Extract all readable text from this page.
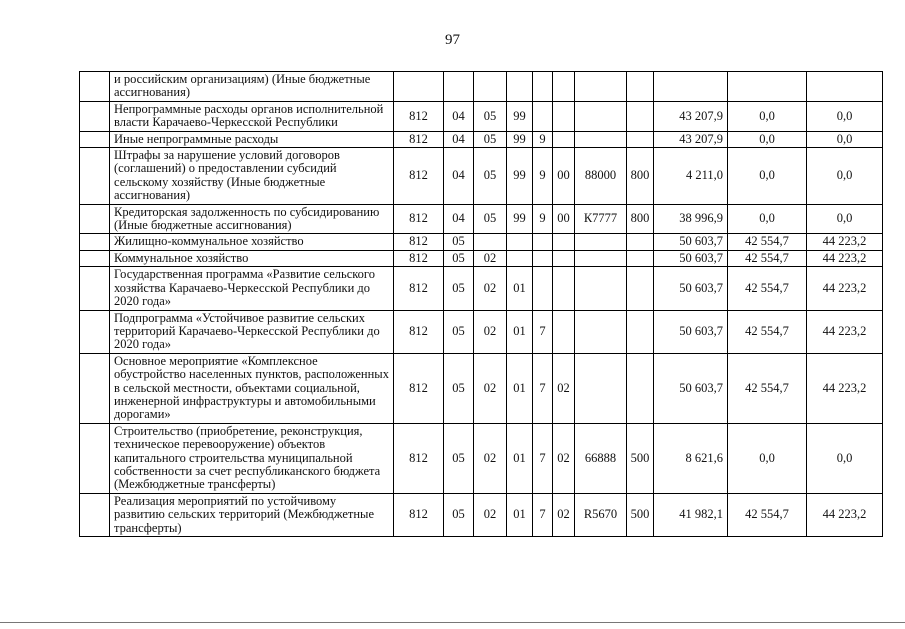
97
	и российским организациям) (Иные бюджетные ассигнования)											
	Непрограммные расходы органов исполнительной власти Карачаево-Черкесской Республики	812	04	05	99					43 207,9	0,0	0,0
	Иные непрограммные расходы	812	04	05	99	9				43 207,9	0,0	0,0
	Штрафы за нарушение условий договоров (соглашений) о предоставлении субсидий сельскому хозяйству (Иные бюджетные ассигнования)	812	04	05	99	9	00	88000	800	4 211,0	0,0	0,0
	Кредиторская задолженность по субсидированию (Иные бюджетные ассигнования)	812	04	05	99	9	00	К7777	800	38 996,9	0,0	0,0
	Жилищно-коммунальное хозяйство	812	05							50 603,7	42 554,7	44 223,2
	Коммунальное хозяйство	812	05	02						50 603,7	42 554,7	44 223,2
	Государственная программа «Развитие сельского хозяйства Карачаево-Черкесской Республики до 2020 года»	812	05	02	01					50 603,7	42 554,7	44 223,2
	Подпрограмма «Устойчивое развитие сельских территорий Карачаево-Черкесской Республики до 2020 года»	812	05	02	01	7				50 603,7	42 554,7	44 223,2
	Основное мероприятие «Комплексное обустройство населенных пунктов, расположенных в сельской местности, объектами социальной, инженерной инфраструктуры и автомобильными дорогами»	812	05	02	01	7	02			50 603,7	42 554,7	44 223,2
	Строительство (приобретение, реконструкция, техническое перевооружение) объектов капитального строительства муниципальной собственности за счет республиканского бюджета (Межбюджетные трансферты)	812	05	02	01	7	02	66888	500	8 621,6	0,0	0,0
	Реализация мероприятий по устойчивому развитию сельских территорий (Межбюджетные трансферты)	812	05	02	01	7	02	R5670	500	41 982,1	42 554,7	44 223,2
